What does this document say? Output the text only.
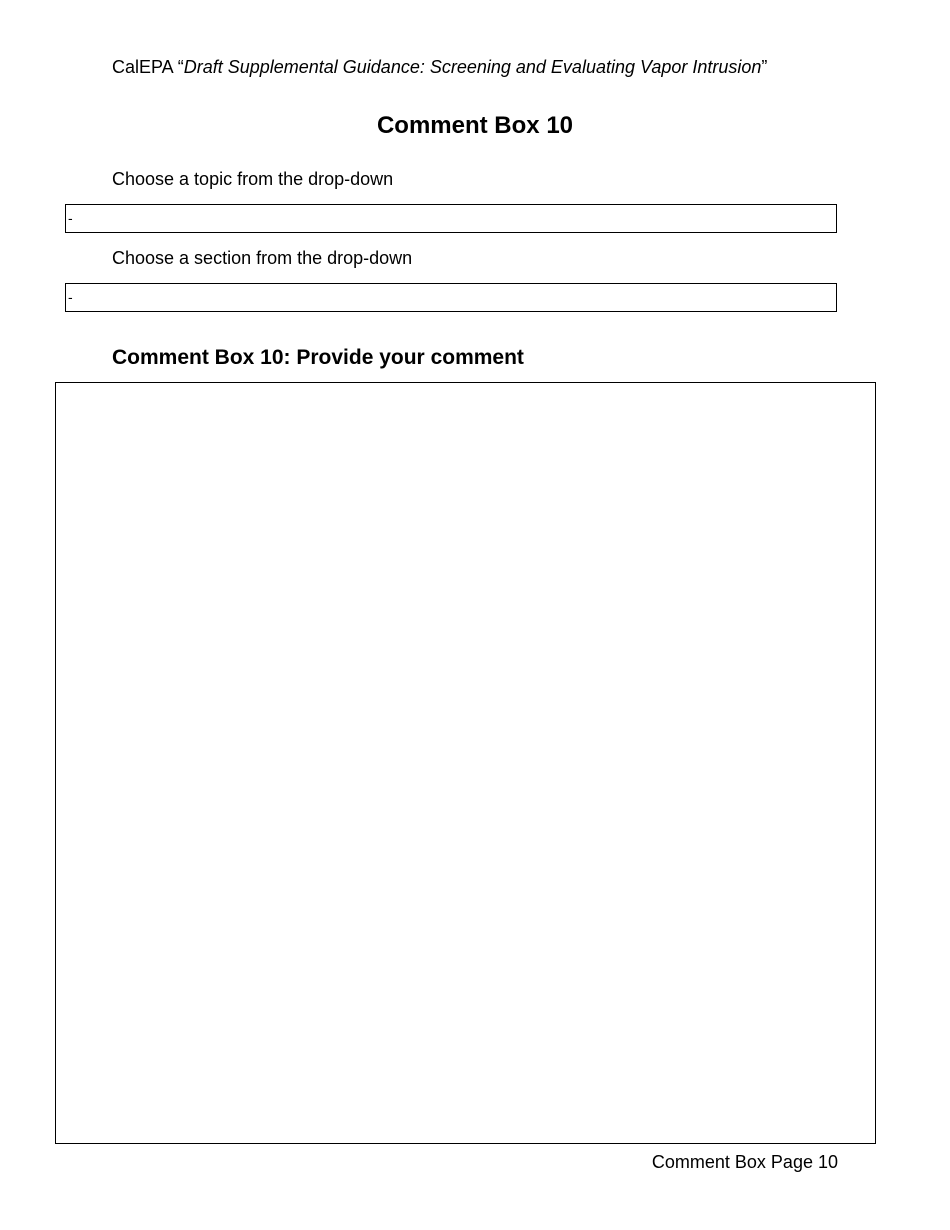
CalEPA “Draft Supplemental Guidance: Screening and Evaluating Vapor Intrusion”
Comment Box 10
Choose a topic from the drop-down
-
Choose a section from the drop-down
-
Comment Box 10: Provide your comment
Comment Box Page 10
